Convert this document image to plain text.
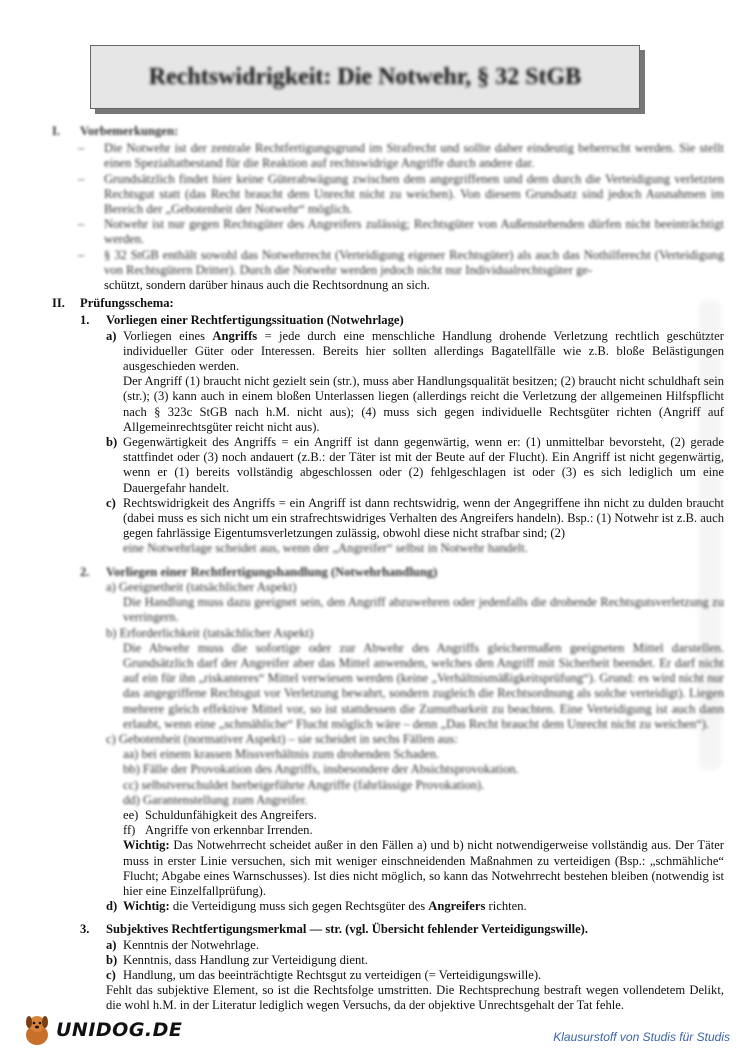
Rechtswidrigkeit: Die Notwehr, § 32 StGB
I.	Vorbemerkungen:
– Die Notwehr ist der zentrale Rechtfertigungsgrund im Strafrecht und sollte daher eindeutig beherrscht werden. Sie stellt einen Spezialtatbestand für die Reaktion auf rechtswidrige Angriffe durch andere dar.
– Grundsätzlich findet hier keine Güterabwägung zwischen dem angegriffenen und dem durch die Verteidigung verletzten Rechtsgut statt (das Recht braucht dem Unrecht nicht zu weichen). Von diesem Grundsatz sind jedoch Ausnahmen im Bereich der „Gebotenheit der Notwehr“ möglich.
– Notwehr ist nur gegen Rechtsgüter des Angreifers zulässig; Rechtsgüter von Außenstehenden dürfen nicht beeinträchtigt werden.
– § 32 StGB enthält sowohl das Notwehrrecht (Verteidigung eigener Rechtsgüter) als auch das Nothilferecht (Verteidigung von Rechtsgütern Dritter). Durch die Notwehr werden jedoch nicht nur Individualrechtsgüter ge-
schützt, sondern darüber hinaus auch die Rechtsordnung an sich.
II.	Prüfungsschema:
1.	Vorliegen einer Rechtfertigungssituation (Notwehrlage)
a) Vorliegen eines Angriffs = jede durch eine menschliche Handlung drohende Verletzung rechtlich geschützter individueller Güter oder Interessen. Bereits hier sollten allerdings Bagatellfälle wie z.B. bloße Belästigungen ausgeschieden werden.
Der Angriff (1) braucht nicht gezielt sein (str.), muss aber Handlungsqualität besitzen; (2) braucht nicht schuldhaft sein (str.); (3) kann auch in einem bloßen Unterlassen liegen (allerdings reicht die Verletzung der allgemeinen Hilfspflicht nach § 323c StGB nach h.M. nicht aus); (4) muss sich gegen individuelle Rechtsgüter richten (Angriff auf Allgemeinrechtsgüter reicht nicht aus).
b) Gegenwärtigkeit des Angriffs = ein Angriff ist dann gegenwärtig, wenn er: (1) unmittelbar bevorsteht, (2) gerade stattfindet oder (3) noch andauert (z.B.: der Täter ist mit der Beute auf der Flucht). Ein Angriff ist nicht gegenwärtig, wenn er (1) bereits vollständig abgeschlossen oder (2) fehlgeschlagen ist oder (3) es sich lediglich um eine Dauergefahr handelt.
c) Rechtswidrigkeit des Angriffs = ein Angriff ist dann rechtswidrig, wenn der Angegriffene ihn nicht zu dulden braucht (dabei muss es sich nicht um ein strafrechtswidriges Verhalten des Angreifers handeln). Bsp.: (1) Notwehr ist z.B. auch gegen fahrlässige Eigentumsverletzungen zulässig, obwohl diese nicht strafbar sind; (2)
eine Notwehrlage scheidet aus, wenn der „Angreifer“ selbst in Notwehr handelt.
2.	Vorliegen einer Rechtfertigungshandlung (Notwehrhandlung)
a) Geeignetheit (tatsächlicher Aspekt)
Die Handlung muss dazu geeignet sein, den Angriff abzuwehren oder jedenfalls die drohende Rechtsgutsverletzung zu verringern.
b) Erforderlichkeit (tatsächlicher Aspekt)
Die Abwehr muss die sofortige oder zur Abwehr des Angriffs gleichermaßen geeigneten Mittel darstellen. Grundsätzlich darf der Angreifer aber das Mittel anwenden, welches den Angriff mit Sicherheit beendet. Er darf nicht auf ein für ihn „riskanteres“ Mittel verwiesen werden (keine „Verhältnismäßigkeitsprüfung“). Grund: es wird nicht nur das angegriffene Rechtsgut vor Verletzung bewahrt, sondern zugleich die Rechtsordnung als solche verteidigt). Liegen mehrere gleich effektive Mittel vor, so ist stattdessen die Zumutbarkeit zu beachten. Eine Verteidigung ist auch dann erlaubt, wenn eine „schmähliche“ Flucht möglich wäre – denn „Das Recht braucht dem Unrecht nicht zu weichen“).
c) Gebotenheit (normativer Aspekt) – sie scheidet in sechs Fällen aus:
aa) bei einem krassen Missverhältnis zum drohenden Schaden.
bb) Fälle der Provokation des Angriffs, insbesondere der Absichtsprovokation.
cc) selbstverschuldet herbeigeführte Angriffe (fahrlässige Provokation).
dd) Garantenstellung zum Angreifer.
ee) Schuldunfähigkeit des Angreifers.
ff) Angriffe von erkennbar Irrenden.
Wichtig: Das Notwehrrecht scheidet außer in den Fällen a) und b) nicht notwendigerweise vollständig aus. Der Täter muss in erster Linie versuchen, sich mit weniger einschneidenden Maßnahmen zu verteidigen (Bsp.: „schmähliche“ Flucht; Abgabe eines Warnschusses). Ist dies nicht möglich, so kann das Notwehrrecht bestehen bleiben (notwendig ist hier eine Einzelfallprüfung).
d) Wichtig: die Verteidigung muss sich gegen Rechtsgüter des Angreifers richten.
3.	Subjektives Rechtfertigungsmerkmal — str. (vgl. Übersicht fehlender Verteidigungswille).
a) Kenntnis der Notwehrlage.
b) Kenntnis, dass Handlung zur Verteidigung dient.
c) Handlung, um das beeinträchtigte Rechtsgut zu verteidigen (= Verteidigungswille).
Fehlt das subjektive Element, so ist die Rechtsfolge umstritten. Die Rechtsprechung bestraft wegen vollendetem Delikt, die wohl h.M. in der Literatur lediglich wegen Versuchs, da der objektive Unrechtsgehalt der Tat fehle.
UNIDOG.DE	Klausurstoff von Studis für Studis
